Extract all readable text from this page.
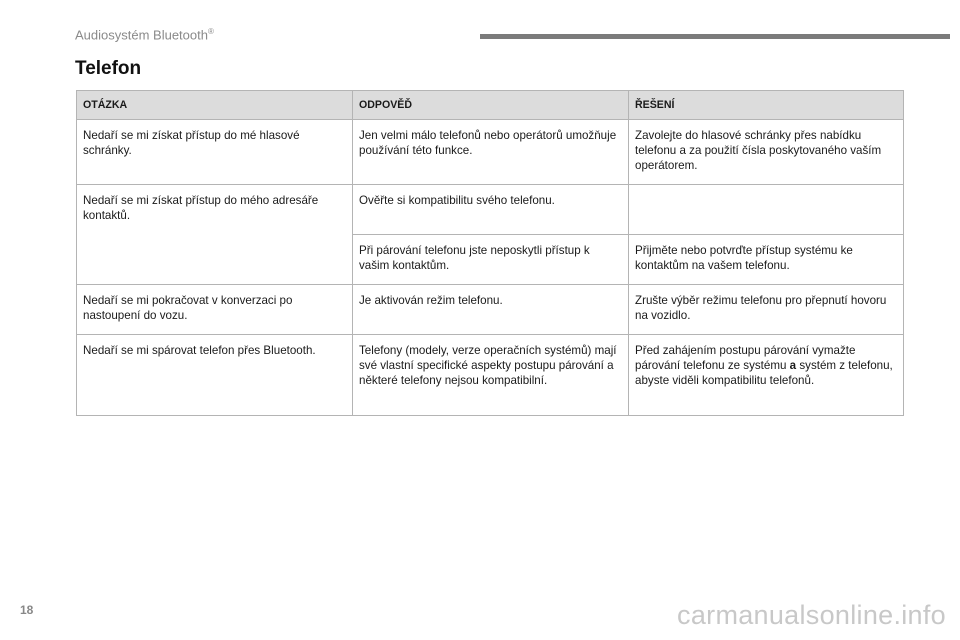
Audiosystém Bluetooth®
Telefon
OTÁZKA	ODPOVĚĎ	ŘEŠENÍ
Nedaří se mi získat přístup do mé hlasové schránky.	Jen velmi málo telefonů nebo operátorů umožňuje používání této funkce.	Zavolejte do hlasové schránky přes nabídku telefonu a za použití čísla poskytovaného vaším operátorem.
Nedaří se mi získat přístup do mého adresáře kontaktů.	Ověřte si kompatibilitu svého telefonu.	
	Při párování telefonu jste neposkytli přístup k vašim kontaktům.	Přijměte nebo potvrďte přístup systému ke kontaktům na vašem telefonu.
Nedaří se mi pokračovat v konverzaci po nastoupení do vozu.	Je aktivován režim telefonu.	Zrušte výběr režimu telefonu pro přepnutí hovoru na vozidlo.
Nedaří se mi spárovat telefon přes Bluetooth.	Telefony (modely, verze operačních systémů) mají své vlastní specifické aspekty postupu párování a některé telefony nejsou kompatibilní.	Před zahájením postupu párování vymažte párování telefonu ze systému a systém z telefonu, abyste viděli kompatibilitu telefonů.
18	carmanualsonline.info
